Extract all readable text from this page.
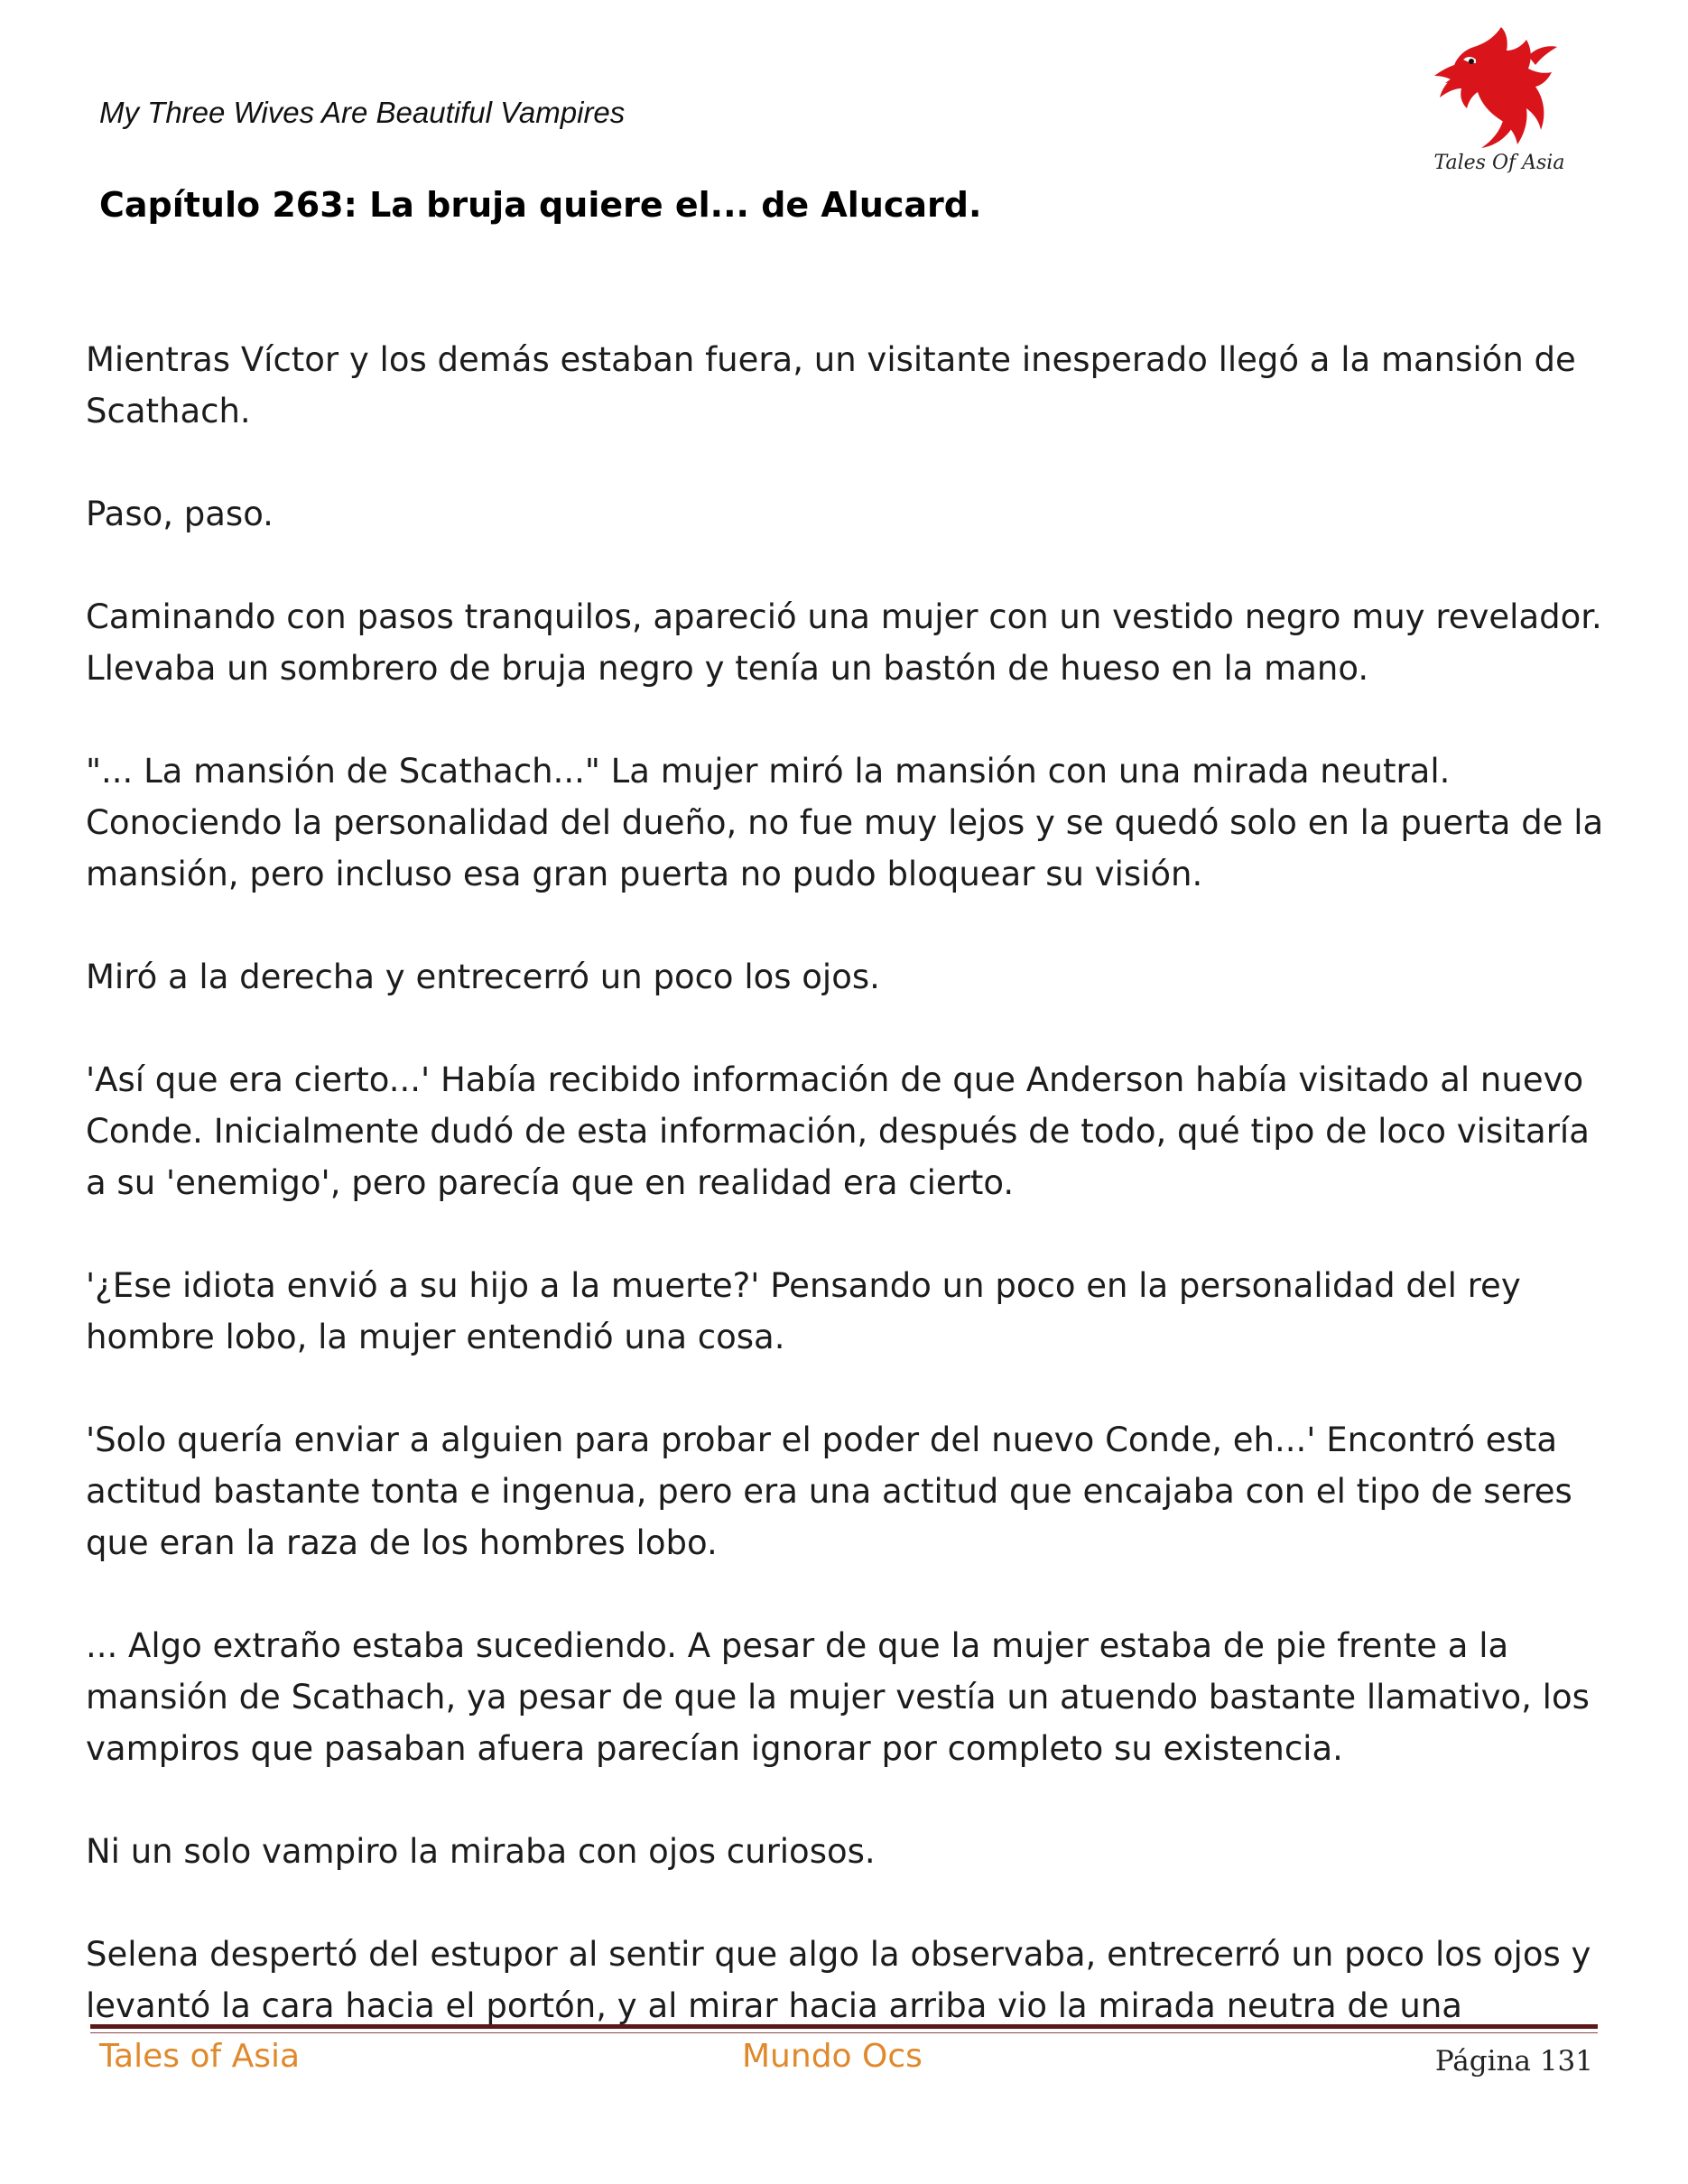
My Three Wives Are Beautiful Vampires
Tales Of Asia
Capítulo 263: La bruja quiere el... de Alucard.

Mientras Víctor y los demás estaban fuera, un visitante inesperado llegó a la mansión de Scathach.

Paso, paso.

Caminando con pasos tranquilos, apareció una mujer con un vestido negro muy revelador. Llevaba un sombrero de bruja negro y tenía un bastón de hueso en la mano.

"... La mansión de Scathach..." La mujer miró la mansión con una mirada neutral. Conociendo la personalidad del dueño, no fue muy lejos y se quedó solo en la puerta de la mansión, pero incluso esa gran puerta no pudo bloquear su visión.

Miró a la derecha y entrecerró un poco los ojos.

'Así que era cierto...' Había recibido información de que Anderson había visitado al nuevo Conde. Inicialmente dudó de esta información, después de todo, qué tipo de loco visitaría a su 'enemigo', pero parecía que en realidad era cierto.

'¿Ese idiota envió a su hijo a la muerte?' Pensando un poco en la personalidad del rey hombre lobo, la mujer entendió una cosa.

'Solo quería enviar a alguien para probar el poder del nuevo Conde, eh...' Encontró esta actitud bastante tonta e ingenua, pero era una actitud que encajaba con el tipo de seres que eran la raza de los hombres lobo.

... Algo extraño estaba sucediendo. A pesar de que la mujer estaba de pie frente a la mansión de Scathach, ya pesar de que la mujer vestía un atuendo bastante llamativo, los vampiros que pasaban afuera parecían ignorar por completo su existencia.

Ni un solo vampiro la miraba con ojos curiosos.

Selena despertó del estupor al sentir que algo la observaba, entrecerró un poco los ojos y levantó la cara hacia el portón, y al mirar hacia arriba vio la mirada neutra de una

Tales of Asia	Mundo Ocs	Página 131
